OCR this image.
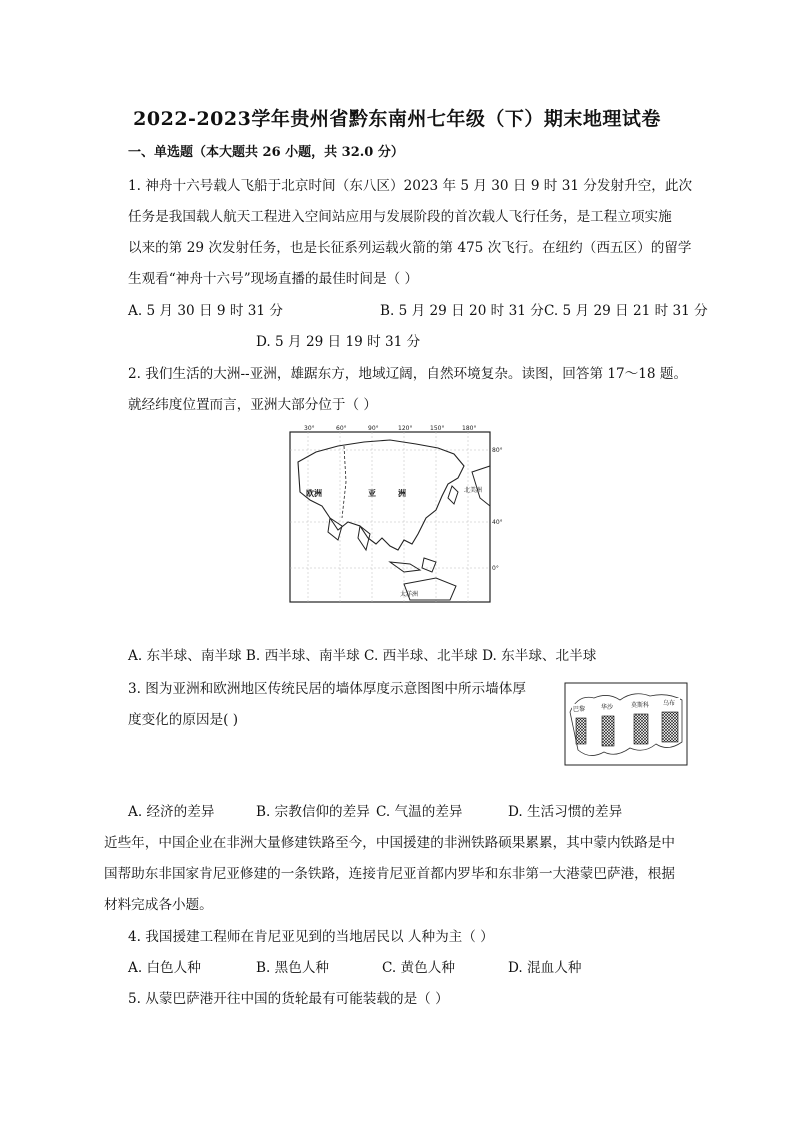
2022-2023学年贵州省黔东南州七年级（下）期末地理试卷
一、单选题（本大题共 26 小题，共 32.0 分）
1. 神舟十六号载人飞船于北京时间（东八区）2023 年 5 月 30 日 9 时 31 分发射升空，此次
任务是我国载人航天工程进入空间站应用与发展阶段的首次载人飞行任务，是工程立项实施
以来的第 29 次发射任务，也是长征系列运载火箭的第 475 次飞行。在纽约（西五区）的留学
生观看“神舟十六号”现场直播的最佳时间是（ ）
A. 5 月 30 日 9 时 31 分	B. 5 月 29 日 20 时 31 分 C. 5 月 29 日 21 时 31 分
D. 5 月 29 日 19 时 31 分
2. 我们生活的大洲--亚洲，雄踞东方，地域辽阔，自然环境复杂。读图，回答第 17～18 题。
就经纬度位置而言，亚洲大部分位于（ ）
30°	60°	90°	120°	150°	180°
80°
40°
0°
欧洲	亚	洲	北美洲
太洋洲
A. 东半球、南半球 B. 西半球、南半球 C. 西半球、北半球 D. 东半球、北半球
3. 图为亚洲和欧洲地区传统民居的墙体厚度示意图图中所示墙体厚
度变化的原因是( )
巴黎	华沙	莫斯科 乌布
A. 经济的差异	B. 宗教信仰的差异 C. 气温的差异	D. 生活习惯的差异
近些年，中国企业在非洲大量修建铁路至今，中国援建的非洲铁路硕果累累，其中蒙内铁路是中
国帮助东非国家肯尼亚修建的一条铁路，连接肯尼亚首都内罗毕和东非第一大港蒙巴萨港，根据
材料完成各小题。
4. 我国援建工程师在肯尼亚见到的当地居民以 人种为主（ ）
A. 白色人种	B. 黑色人种	C. 黄色人种	D. 混血人种
5. 从蒙巴萨港开往中国的货轮最有可能装载的是（ ）
